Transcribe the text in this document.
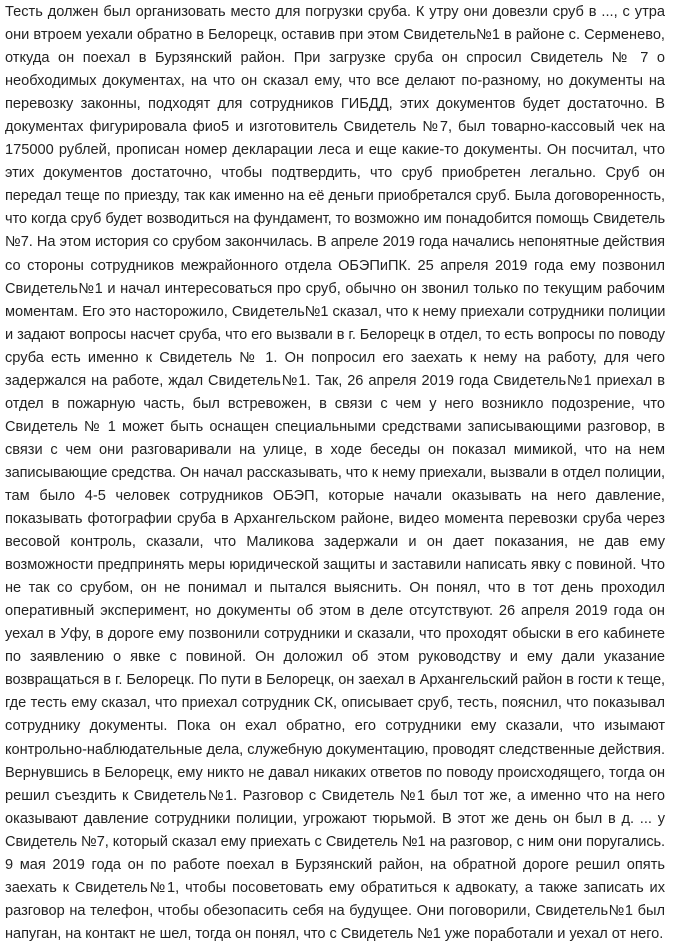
Тесть должен был организовать место для погрузки сруба. К утру они довезли сруб в ..., с утра
они втроем уехали обратно в Белорецк, оставив при этом Свидетель№1 в районе с. Серменево,
откуда он поехал в Бурзянский район. При загрузке сруба он спросил Свидетель № 7 о
необходимых документах, на что он сказал ему, что все делают по-разному, но документы на
перевозку законны, подходят для сотрудников ГИБДД, этих документов будет достаточно. В
документах фигурировала фио5 и изготовитель Свидетель №7, был товарно-кассовый чек на
175000 рублей, прописан номер декларации леса и еще какие-то документы. Он посчитал, что
этих документов достаточно, чтобы подтвердить, что сруб приобретен легально. Сруб он
передал теще по приезду, так как именно на её деньги приобретался сруб. Была договоренность,
что когда сруб будет возводиться на фундамент, то возможно им понадобится помощь Свидетель
№7. На этом история со срубом закончилась. В апреле 2019 года начались непонятные действия
со стороны сотрудников межрайонного отдела ОБЭПиПК. 25 апреля 2019 года ему позвонил
Свидетель№1 и начал интересоваться про сруб, обычно он звонил только по текущим рабочим
моментам. Его это насторожило, Свидетель№1 сказал, что к нему приехали сотрудники полиции
и задают вопросы насчет сруба, что его вызвали в г. Белорецк в отдел, то есть вопросы по поводу
сруба есть именно к Свидетель № 1. Он попросил его заехать к нему на работу, для чего
задержался на работе, ждал Свидетель№1. Так, 26 апреля 2019 года Свидетель№1 приехал в
отдел в пожарную часть, был встревожен, в связи с чем у него возникло подозрение, что
Свидетель № 1 может быть оснащен специальными средствами записывающими разговор, в
связи с чем они разговаривали на улице, в ходе беседы он показал мимикой, что на нем
записывающие средства. Он начал рассказывать, что к нему приехали, вызвали в отдел полиции,
там было 4-5 человек сотрудников ОБЭП, которые начали оказывать на него давление,
показывать фотографии сруба в Архангельском районе, видео момента перевозки сруба через
весовой контроль, сказали, что Маликова задержали и он дает показания, не дав ему
возможности предпринять меры юридической защиты и заставили написать явку с повиной. Что
не так со срубом, он не понимал и пытался выяснить. Он понял, что в тот день проходил
оперативный эксперимент, но документы об этом в деле отсутствуют. 26 апреля 2019 года он
уехал в Уфу, в дороге ему позвонили сотрудники и сказали, что проходят обыски в его кабинете
по заявлению о явке с повиной. Он доложил об этом руководству и ему дали указание
возвращаться в г. Белорецк. По пути в Белорецк, он заехал в Архангельский район в гости к теще,
где тесть ему сказал, что приехал сотрудник СК, описывает сруб, тесть, пояснил, что показывал
сотруднику документы. Пока он ехал обратно, его сотрудники ему сказали, что изымают
контрольно-наблюдательные дела, служебную документацию, проводят следственные действия.
Вернувшись в Белорецк, ему никто не давал никаких ответов по поводу происходящего, тогда он
решил съездить к Свидетель№1. Разговор с Свидетель №1 был тот же, а именно что на него
оказывают давление сотрудники полиции, угрожают тюрьмой. В этот же день он был в д. ... у
Свидетель №7, который сказал ему приехать с Свидетель №1 на разговор, с ним они поругались.
9 мая 2019 года он по работе поехал в Бурзянский район, на обратной дороге решил опять
заехать к Свидетель№1, чтобы посоветовать ему обратиться к адвокату, а также записать их
разговор на телефон, чтобы обезопасить себя на будущее. Они поговорили, Свидетель№1 был
напуган, на контакт не шел, тогда он понял, что с Свидетель №1 уже поработали и уехал от него.
